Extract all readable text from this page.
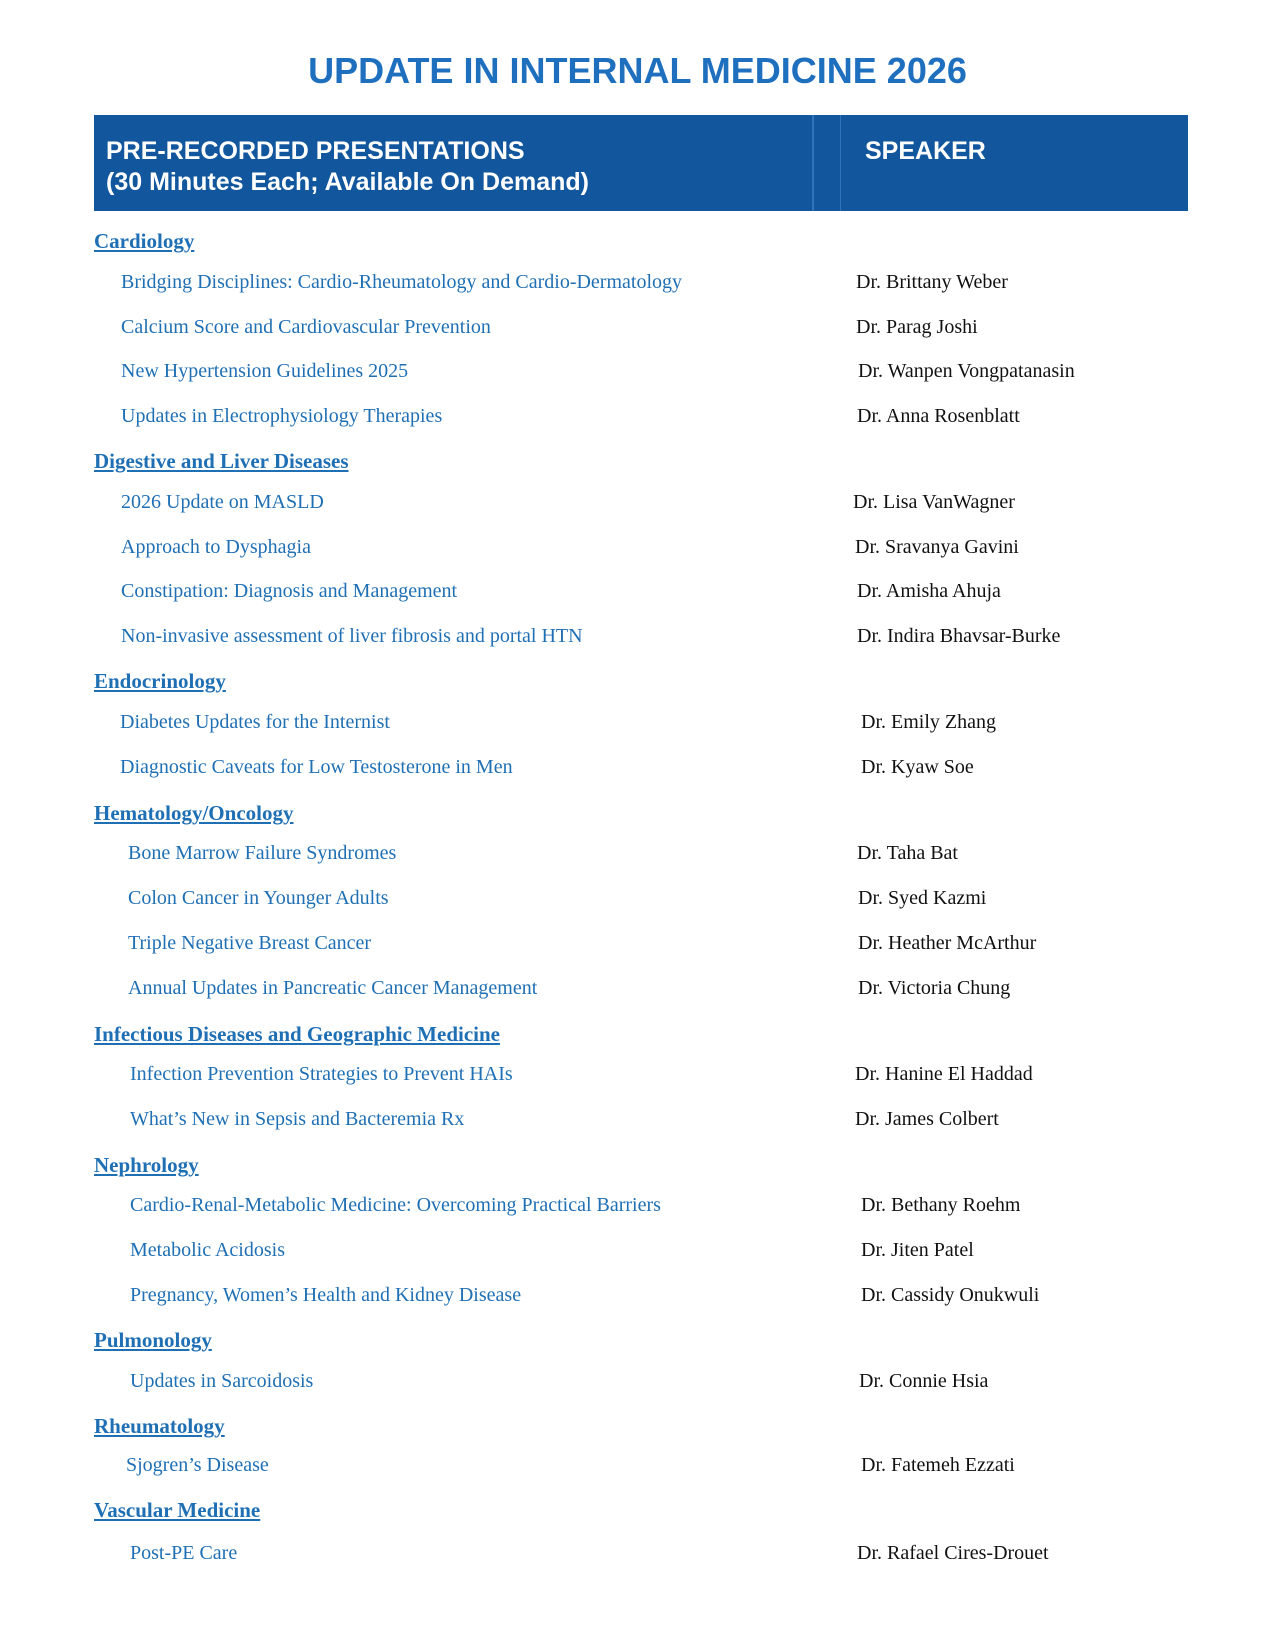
UPDATE IN INTERNAL MEDICINE 2026
PRE-RECORDED PRESENTATIONS
(30 Minutes Each; Available On Demand)
SPEAKER
Cardiology
Bridging Disciplines: Cardio-Rheumatology and Cardio-Dermatology	Dr. Brittany Weber
Calcium Score and Cardiovascular Prevention	Dr. Parag Joshi
New Hypertension Guidelines 2025	Dr. Wanpen Vongpatanasin
Updates in Electrophysiology Therapies	Dr. Anna Rosenblatt
Digestive and Liver Diseases
2026 Update on MASLD	Dr. Lisa VanWagner
Approach to Dysphagia	Dr. Sravanya Gavini
Constipation: Diagnosis and Management	Dr. Amisha Ahuja
Non-invasive assessment of liver fibrosis and portal HTN	Dr. Indira Bhavsar-Burke
Endocrinology
Diabetes Updates for the Internist	Dr. Emily Zhang
Diagnostic Caveats for Low Testosterone in Men	Dr. Kyaw Soe
Hematology/Oncology
Bone Marrow Failure Syndromes	Dr. Taha Bat
Colon Cancer in Younger Adults	Dr. Syed Kazmi
Triple Negative Breast Cancer	Dr. Heather McArthur
Annual Updates in Pancreatic Cancer Management	Dr. Victoria Chung
Infectious Diseases and Geographic Medicine
Infection Prevention Strategies to Prevent HAIs	Dr. Hanine El Haddad
What’s New in Sepsis and Bacteremia Rx	Dr. James Colbert
Nephrology
Cardio-Renal-Metabolic Medicine: Overcoming Practical Barriers	Dr. Bethany Roehm
Metabolic Acidosis	Dr. Jiten Patel
Pregnancy, Women’s Health and Kidney Disease	Dr. Cassidy Onukwuli
Pulmonology
Updates in Sarcoidosis	Dr. Connie Hsia
Rheumatology
Sjogren’s Disease	Dr. Fatemeh Ezzati
Vascular Medicine
Post-PE Care	Dr. Rafael Cires-Drouet
